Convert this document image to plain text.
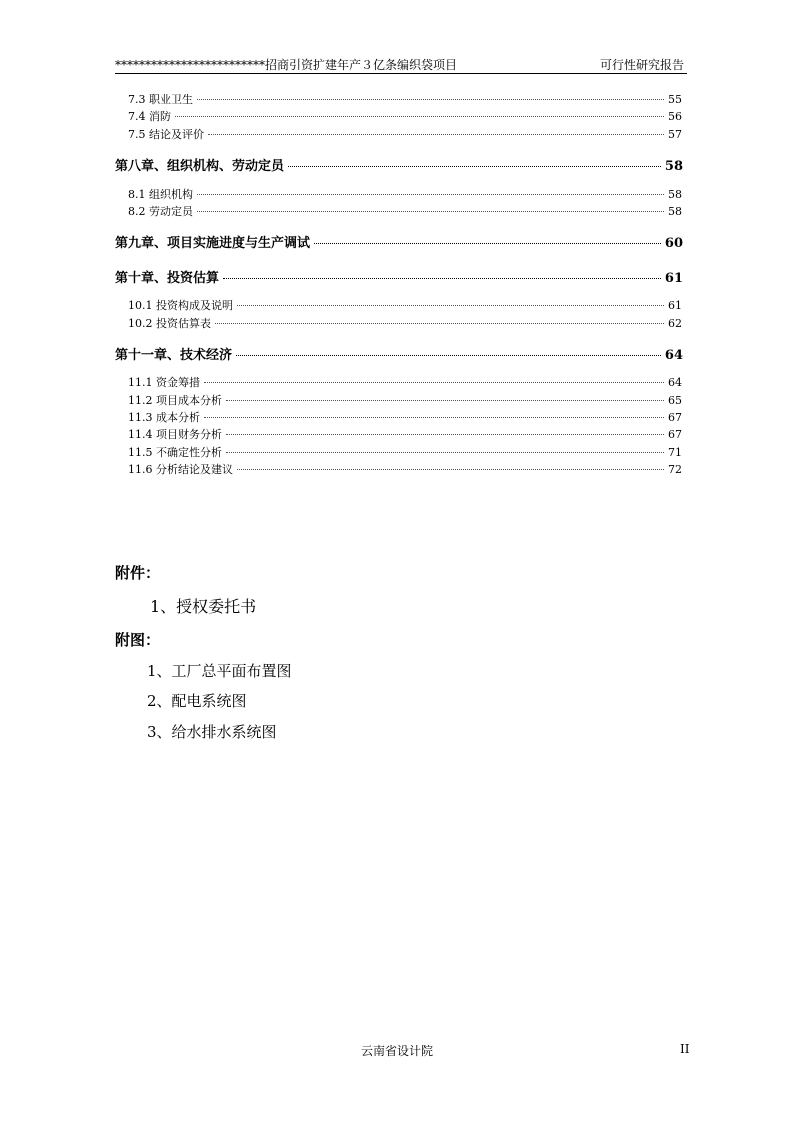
*************************招商引资扩建年产３亿条编织袋项目	可行性研究报告
7.3 职业卫生	55
7.4 消防	56
7.5 结论及评价	57
第八章、组织机构、劳动定员	58
8.1 组织机构	58
8.2 劳动定员	58
第九章、项目实施进度与生产调试	60
第十章、投资估算	61
10.1 投资构成及说明	61
10.2 投资估算表	62
第十一章、技术经济	64
11.1 资金筹措	64
11.2 项目成本分析	65
11.3 成本分析	67
11.4 项目财务分析	67
11.5 不确定性分析	71
11.6 分析结论及建议	72
附件：
1、授权委托书
附图：
1、工厂总平面布置图
2、配电系统图
3、给水排水系统图
云南省设计院	II
